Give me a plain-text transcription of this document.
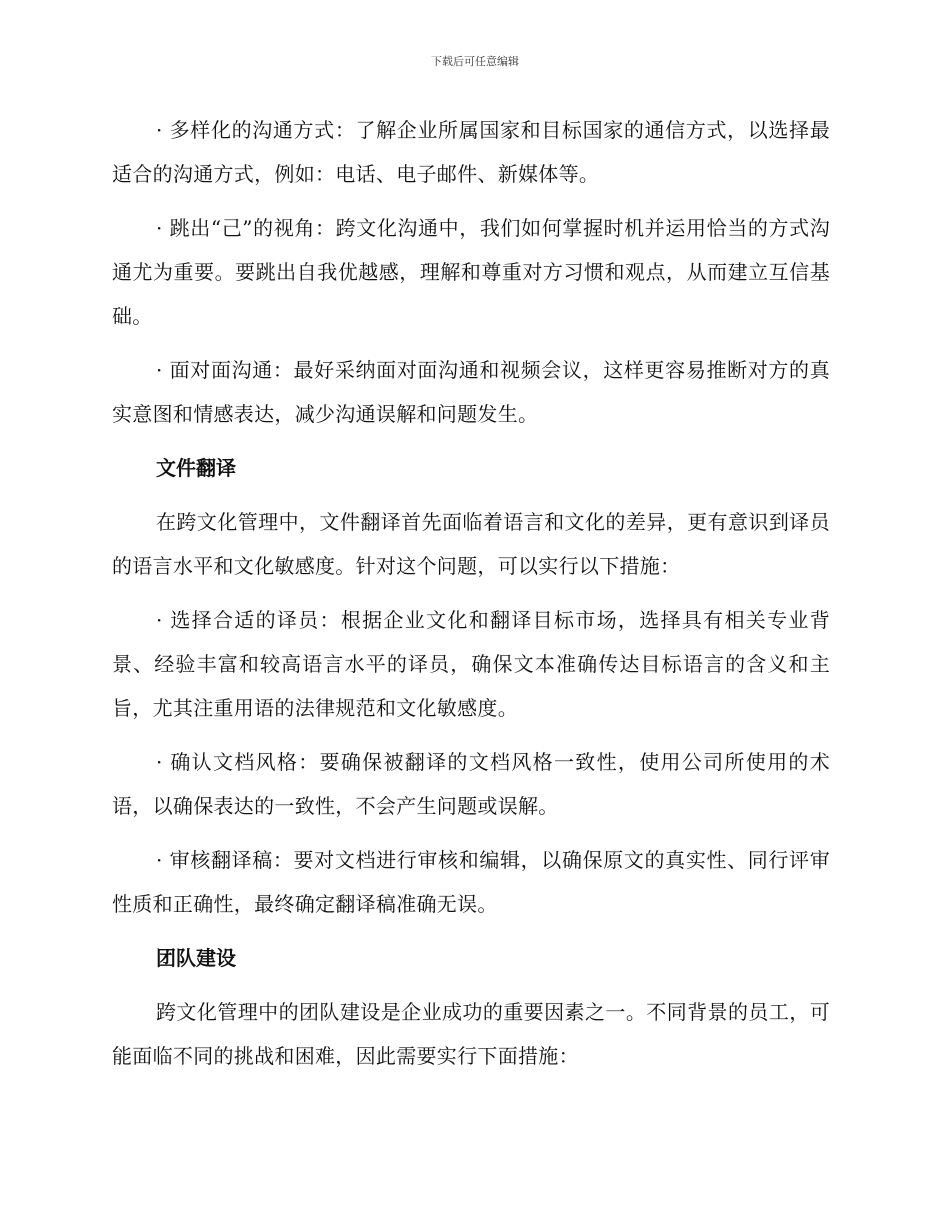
下载后可任意编辑

· 多样化的沟通方式：了解企业所属国家和目标国家的通信方式，以选择最适合的沟通方式，例如：电话、电子邮件、新媒体等。

· 跳出“己”的视角：跨文化沟通中，我们如何掌握时机并运用恰当的方式沟通尤为重要。要跳出自我优越感，理解和尊重对方习惯和观点，从而建立互信基础。

· 面对面沟通：最好采纳面对面沟通和视频会议，这样更容易推断对方的真实意图和情感表达，减少沟通误解和问题发生。

文件翻译

在跨文化管理中，文件翻译首先面临着语言和文化的差异，更有意识到译员的语言水平和文化敏感度。针对这个问题，可以实行以下措施：

· 选择合适的译员：根据企业文化和翻译目标市场，选择具有相关专业背景、经验丰富和较高语言水平的译员，确保文本准确传达目标语言的含义和主旨，尤其注重用语的法律规范和文化敏感度。

· 确认文档风格：要确保被翻译的文档风格一致性，使用公司所使用的术语，以确保表达的一致性，不会产生问题或误解。

· 审核翻译稿：要对文档进行审核和编辑，以确保原文的真实性、同行评审性质和正确性，最终确定翻译稿准确无误。

团队建设

跨文化管理中的团队建设是企业成功的重要因素之一。不同背景的员工，可能面临不同的挑战和困难，因此需要实行下面措施：
